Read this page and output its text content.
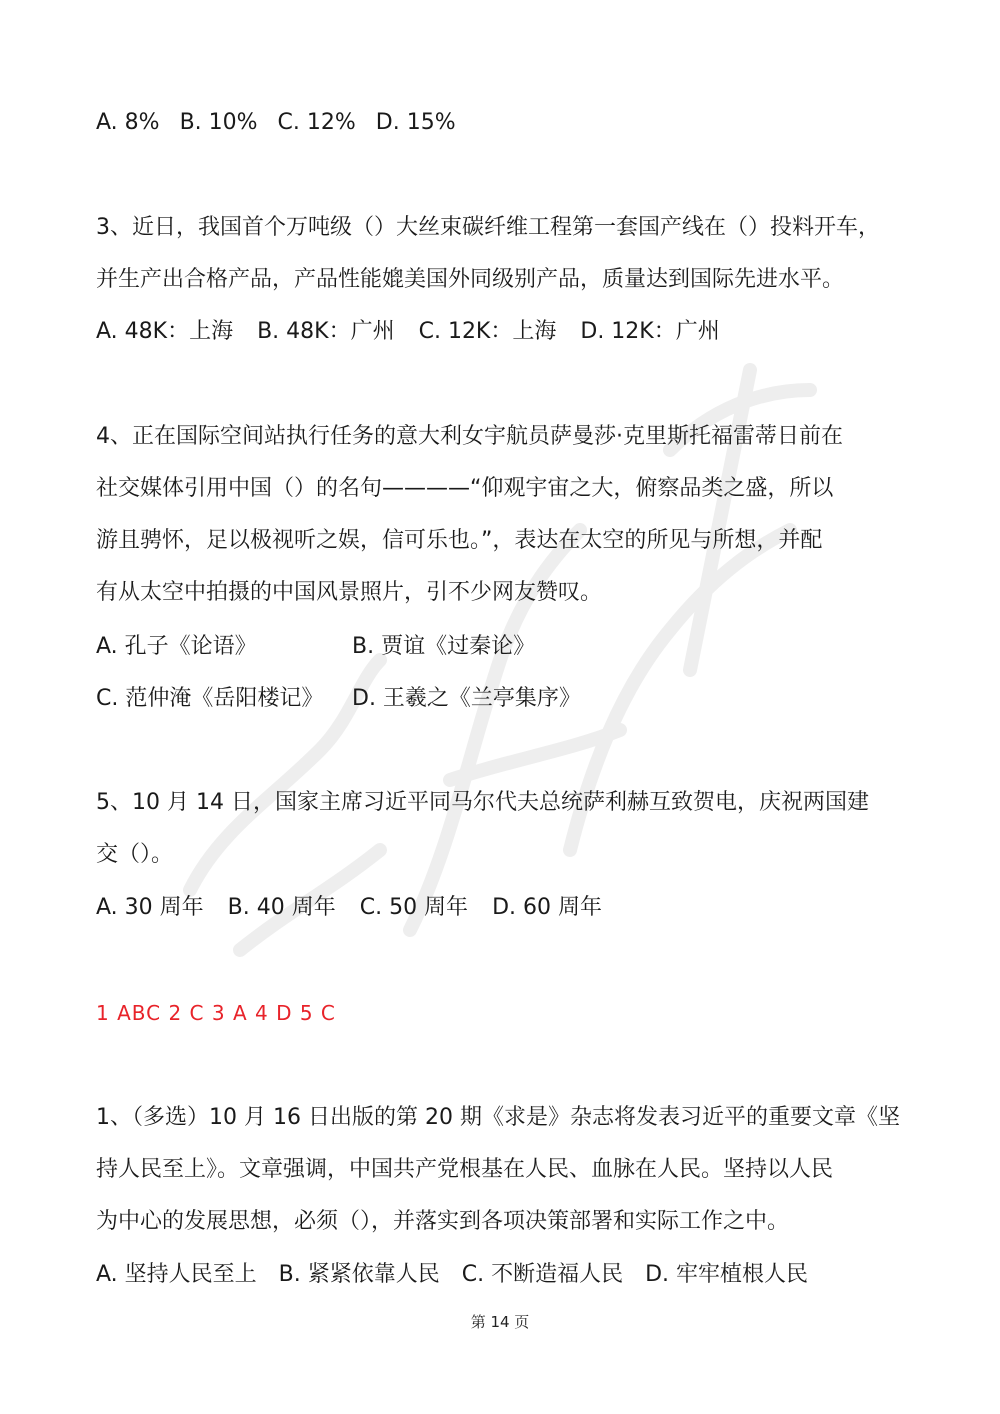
A. 8% B. 10% C. 12% D. 15%
3、近日，我国首个万吨级（）大丝束碳纤维工程第一套国产线在（）投料开车，
并生产出合格产品，产品性能媲美国外同级别产品，质量达到国际先进水平。
A. 48K：上海 B. 48K：广州 C. 12K：上海 D. 12K：广州
4、正在国际空间站执行任务的意大利女宇航员萨曼莎·克里斯托福雷蒂日前在
社交媒体引用中国（）的名句————“仰观宇宙之大，俯察品类之盛，所以
游且骋怀，足以极视听之娱，信可乐也。”，表达在太空的所见与所想，并配
有从太空中拍摄的中国风景照片，引不少网友赞叹。
A. 孔子《论语》	B. 贾谊《过秦论》
C. 范仲淹《岳阳楼记》 D. 王羲之《兰亭集序》
5、10 月 14 日，国家主席习近平同马尔代夫总统萨利赫互致贺电，庆祝两国建
交（）。
A. 30 周年 B. 40 周年 C. 50 周年 D. 60 周年
1 ABC 2 C 3 A 4 D 5 C
1、（多选）10 月 16 日出版的第 20 期《求是》杂志将发表习近平的重要文章《坚
持人民至上》。文章强调，中国共产党根基在人民、血脉在人民。坚持以人民
为中心的发展思想，必须（），并落实到各项决策部署和实际工作之中。
A. 坚持人民至上 B. 紧紧依靠人民 C. 不断造福人民 D. 牢牢植根人民
第 14 页
